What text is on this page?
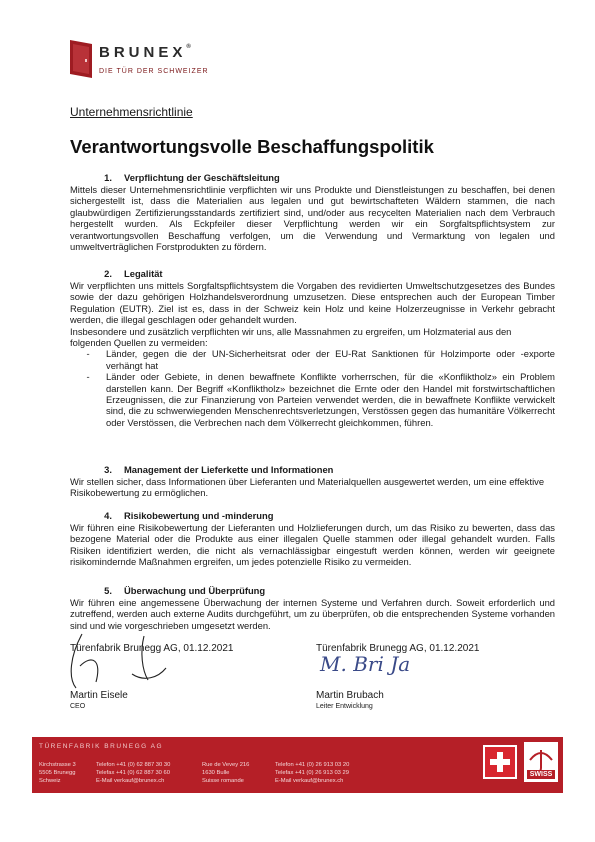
BRUNEX®
DIE TÜR DER SCHWEIZER
Unternehmensrichtlinie
Verantwortungsvolle Beschaffungspolitik
1.	Verpflichtung der Geschäftsleitung

Mittels dieser Unternehmensrichtlinie verpflichten wir uns Produkte und Dienstleistungen zu beschaffen, bei denen sichergestellt ist, dass die Materialien aus legalen und gut bewirtschafteten Wäldern stammen, die nach glaubwürdigen Zertifizierungsstandards zertifiziert sind, und/oder aus recycelten Materialien nach dem Verbrauch hergestellt wurden. Als Eckpfeiler dieser Verpflichtung werden wir ein Sorgfaltspflichtsystem zur verantwortungsvollen Beschaffung verfolgen, um die Verwendung und Vermarktung von legalen und umweltverträglichen Forstprodukten zu fördern.

2.	Legalität

Wir verpflichten uns mittels Sorgfaltspflichtsystem die Vorgaben des revidierten Umweltschutzgesetzes des Bundes sowie der dazu gehörigen Holzhandelsverordnung umzusetzen. Diese entsprechen auch der European Timber Regulation (EUTR). Ziel ist es, dass in der Schweiz kein Holz und keine Holzerzeugnisse in Verkehr gebracht werden, die illegal geschlagen oder gehandelt wurden.

Insbesondere und zusätzlich verpflichten wir uns, alle Massnahmen zu ergreifen, um Holzmaterial aus den folgenden Quellen zu vermeiden:

-	Länder, gegen die der UN-Sicherheitsrat oder der EU-Rat Sanktionen für Holzimporte oder -exporte verhängt hat
-	Länder oder Gebiete, in denen bewaffnete Konflikte vorherrschen, für die «Konfliktholz» ein Problem darstellen kann. Der Begriff «Konfliktholz» bezeichnet die Ernte oder den Handel mit forstwirtschaftlichen Erzeugnissen, die zur Finanzierung von Parteien verwendet werden, die in bewaffnete Konflikte verwickelt sind, die zu schwerwiegenden Menschenrechtsverletzungen, Verstössen gegen das humanitäre Völkerrecht oder Verstössen, die Verbrechen nach dem Völkerrecht gleichkommen, führen.
3.	Management der Lieferkette und Informationen

Wir stellen sicher, dass Informationen über Lieferanten und Materialquellen ausgewertet werden, um eine effektive Risikobewertung zu ermöglichen.

4.	Risikobewertung und -minderung

Wir führen eine Risikobewertung der Lieferanten und Holzlieferungen durch, um das Risiko zu bewerten, dass das bezogene Material oder die Produkte aus einer illegalen Quelle stammen oder illegal gehandelt wurden. Falls Risiken identifiziert werden, die nicht als vernachlässigbar eingestuft werden können, werden wir geeignete risikomindernde Maßnahmen ergreifen, um jedes potenzielle Risiko zu vermeiden.

5.	Überwachung und Überprüfung

Wir führen eine angemessene Überwachung der internen Systeme und Verfahren durch. Soweit erforderlich und zutreffend, werden auch externe Audits durchgeführt, um zu überprüfen, ob die entsprechenden Systeme vorhanden sind und wie vorgeschrieben umgesetzt werden.

Türenfabrik Brunegg AG, 01.12.2021	Türenfabrik Brunegg AG, 01.12.2021
M. Bri Ja
Martin Eisele
CEO
Martin Brubach
Leiter Entwicklung
TÜRENFABRIK BRUNEGG AG
Kirchstrasse 3
5505 Brunegg
Schweiz
Telefon +41 (0) 62 887 30 30
Telefax +41 (0) 62 887 30 60
E-Mail verkauf@brunex.ch
Rue de Vevey 216
1630 Bulle
Suisse romande
Telefon +41 (0) 26 913 03 20
Telefax +41 (0) 26 913 03 29
E-Mail verkauf@brunex.ch
SWISS
